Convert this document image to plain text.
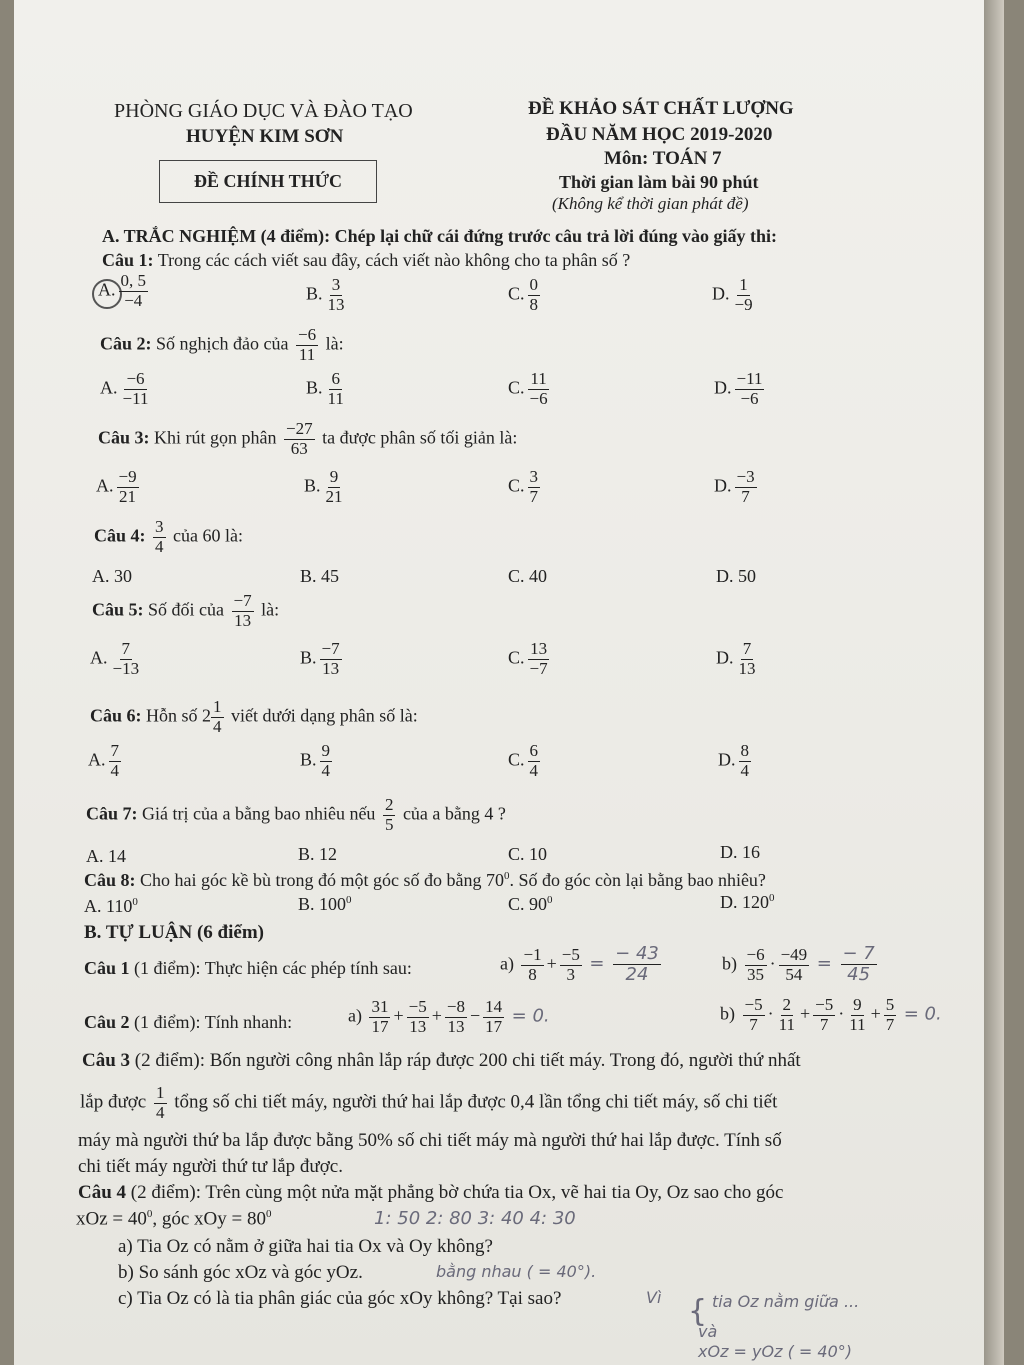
PHÒNG GIÁO DỤC VÀ ĐÀO TẠO
HUYỆN KIM SƠN
ĐỀ CHÍNH THỨC
ĐỀ KHẢO SÁT CHẤT LƯỢNG
ĐẦU NĂM HỌC 2019-2020
Môn: TOÁN 7
Thời gian làm bài 90 phút
(Không kể thời gian phát đề)
A. TRẮC NGHIỆM (4 điểm): Chép lại chữ cái đứng trước câu trả lời đúng vào giấy thi:
Câu 1: Trong các cách viết sau đây, cách viết nào không cho ta phân số ?
A. $\frac{0, 5}{-4}$	B. $\frac{3}{13}$	C. $\frac{0}{8}$	D. $\frac{1}{-9}$
Câu 2: Số nghịch đảo của $\frac{-6}{11}$ là:
A. $\frac{-6}{-11}$	B. $\frac{6}{11}$	C. $\frac{11}{-6}$	D. $\frac{-11}{-6}$
Câu 3: Khi rút gọn phân $\frac{-27}{63}$ ta được phân số tối giản là:
A. $\frac{-9}{21}$	B. $\frac{9}{21}$	C. $\frac{3}{7}$	D. $\frac{-3}{7}$
Câu 4: $\frac{3}{4}$ của 60 là:
A. 30	B. 45	C. 40	D. 50
Câu 5: Số đối của $\frac{-7}{13}$ là:
A. $\frac{7}{-13}$	B. $\frac{-7}{13}$	C. $\frac{13}{-7}$	D. $\frac{7}{13}$
Câu 6: Hỗn số $2 \frac{1}{4}$ viết dưới dạng phân số là:
A. $\frac{7}{4}$	B. $\frac{9}{4}$	C. $\frac{6}{4}$	D. $\frac{8}{4}$
Câu 7: Giá trị của a bằng bao nhiêu nếu $\frac{2}{5}$ của a bằng 4 ?
A. 14	B. 12	C. 10	D. 16
Câu 8: Cho hai góc kề bù trong đó một góc số đo bằng $70^0$. Số đo góc còn lại bằng bao nhiêu?
A. $110^0$	B. $100^0$	C. $90^0$	D. $120^0$
B. TỰ LUẬN (6 điểm)
Câu 1 (1 điểm): Thực hiện các phép tính sau:	$a) \frac{-1}{8} + \frac{-5}{3} = \frac{- 43}{24}$	$b) \frac{-6}{35} \cdot \frac{-49}{54} = \frac{- 7}{45}$
Câu 2 (1 điểm): Tính nhanh:	$a) \frac{31}{17} + \frac{-5}{13} + \frac{-8}{13} - \frac{14}{17} = 0$.	$b) \frac{-5}{7} \cdot \frac{2}{11} + \frac{-5}{7} \cdot \frac{9}{11} + \frac{5}{7} = 0$.
Câu 3 (2 điểm): Bốn người công nhân lắp ráp được 200 chi tiết máy. Trong đó, người thứ nhất
lắp được $\frac{1}{4}$ tổng số chi tiết máy, người thứ hai lắp được 0,4 lần tổng chi tiết máy, số chi tiết
máy mà người thứ ba lắp được bằng 50% số chi tiết máy mà người thứ hai lắp được. Tính số
chi tiết máy người thứ tư lắp được.
Câu 4 (2 điểm): Trên cùng một nửa mặt phẳng bờ chứa tia Ox, vẽ hai tia Oy, Oz sao cho góc
xOz = $40^0$, góc xOy = $80^0$	1: 50 2: 80 3: 40 4: 30
a) Tia Oz có nằm ở giữa hai tia Ox và Oy không?
b) So sánh góc xOz và góc yOz.	bằng nhau ( = 40°).
c) Tia Oz có là tia phân giác của góc xOy không? Tại sao?	Vì { tia Oz nằm giữa ...
và
xOz = yOz ( = 40°)
